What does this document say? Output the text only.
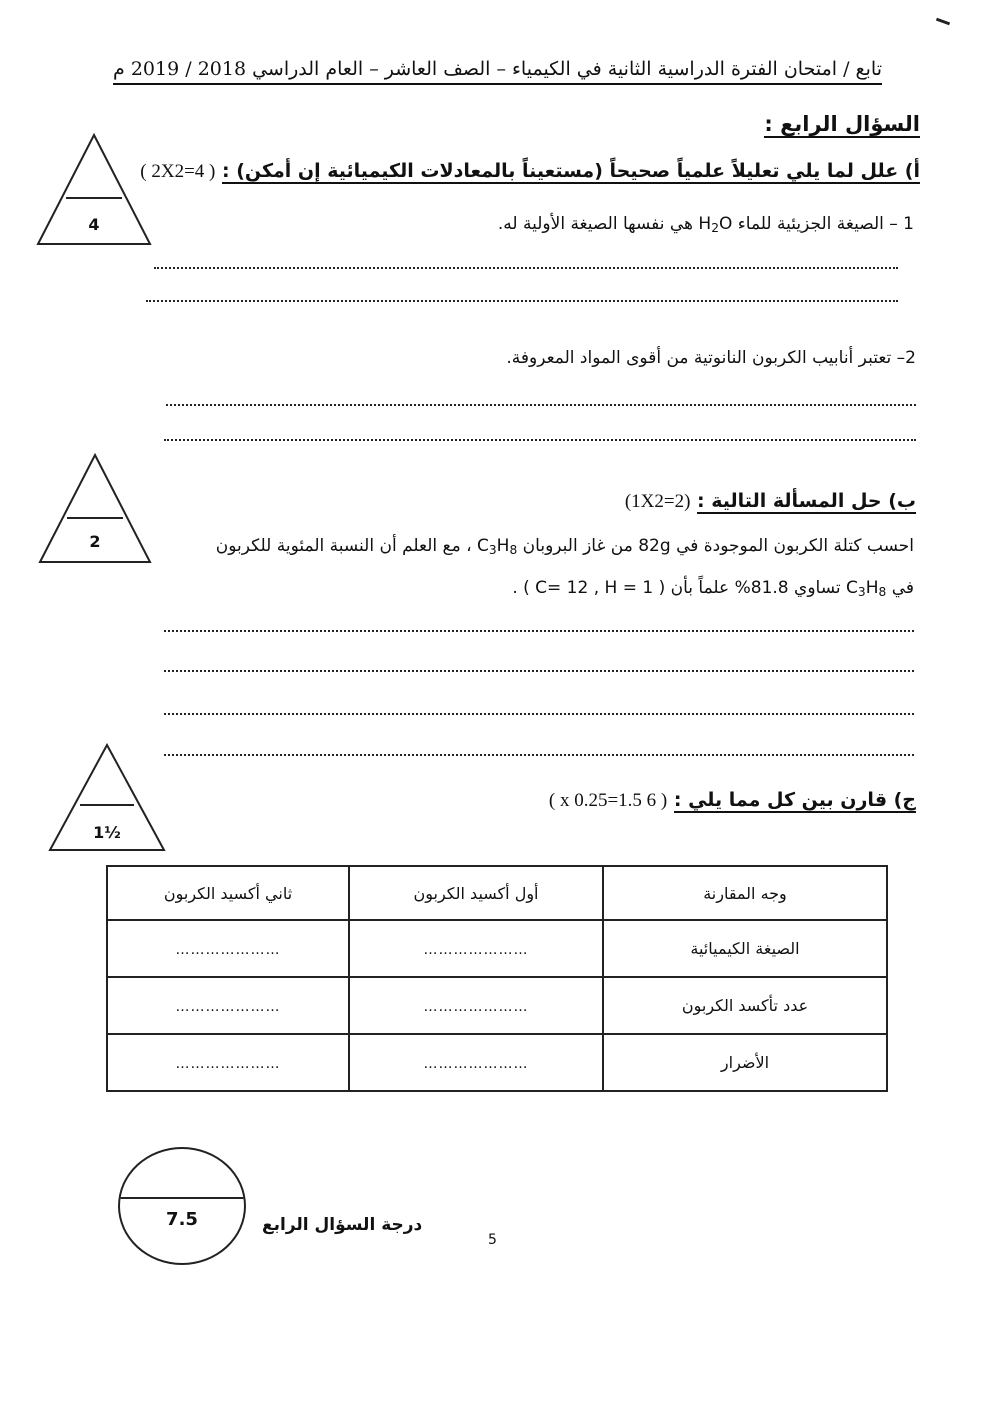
تابع / امتحان الفترة الدراسية الثانية في الكيمياء – الصف العاشر – العام الدراسي 2018 / 2019 م
السؤال الرابع :
4
أ) علل لما يلي تعليلاً علمياً صحيحاً (مستعيناً بالمعادلات الكيميائية إن أمكن) : ( 2X2=4 )
1 – الصيغة الجزيئية للماء $H_2O$ هي نفسها الصيغة الأولية له.
2– تعتبر أنابيب الكربون النانوتية من أقوى المواد المعروفة.
2
ب) حل المسألة التالية : (1X2=2)
احسب كتلة الكربون الموجودة في 82g من غاز البروبان $C_3H_8$ ، مع العلم أن النسبة المئوية للكربون
في $C_3H_8$ تساوي 81.8% علماً بأن ( C= 12 , H = 1 ) .
1½
ج) قارن بين كل مما يلي : ( 6 x 0.25=1.5 )
وجه المقارنة	أول أكسيد الكربون	ثاني أكسيد الكربون
الصيغة الكيميائية	…………………	…………………
عدد تأكسد الكربون	…………………	…………………
الأضرار	…………………	…………………
7.5	درجة السؤال الرابع
5
